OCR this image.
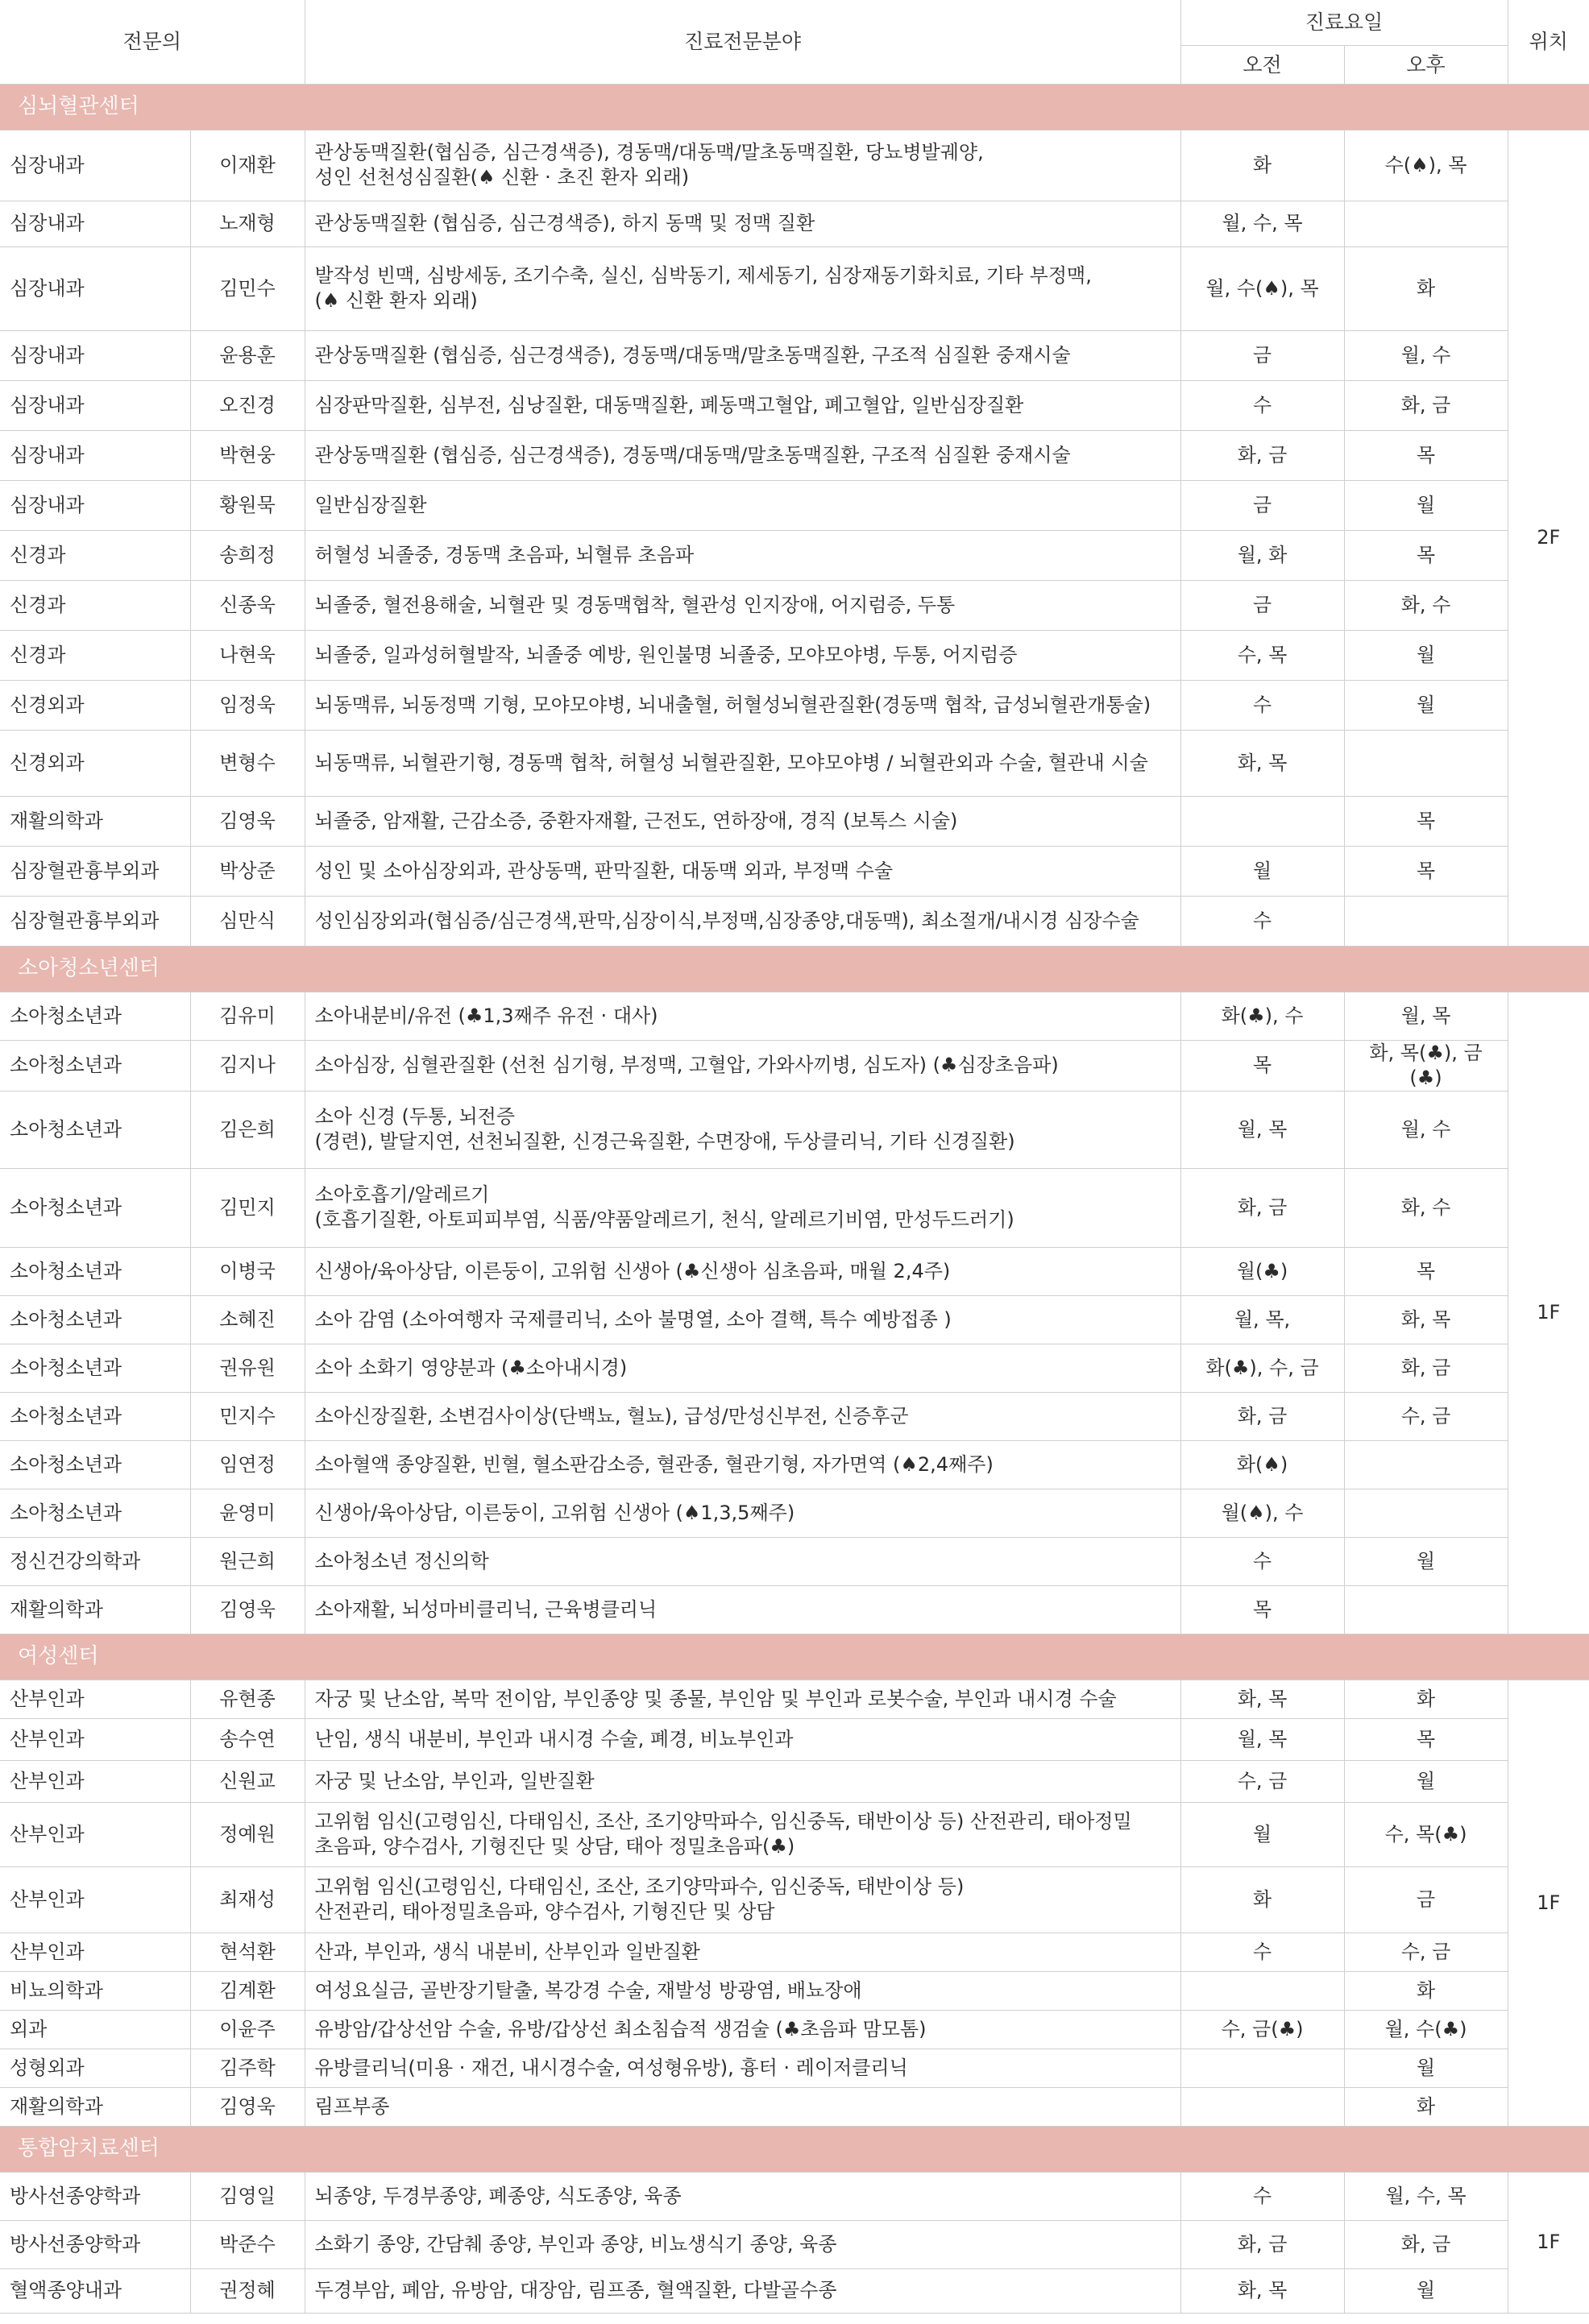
전문의		진료전문분야	진료요일		위치
			오전	오후	
심뇌혈관센터					
심장내과	이재환	관상동맥질환(협심증, 심근경색증), 경동맥/대동맥/말초동맥질환, 당뇨병발궤양,
성인 선천성심질환(♠ 신환 · 초진 환자 외래)	화	수(♠), 목	2F
심장내과	노재형	관상동맥질환 (협심증, 심근경색증), 하지 동맥 및 정맥 질환	월, 수, 목		
심장내과	김민수	발작성 빈맥, 심방세동, 조기수축, 실신, 심박동기, 제세동기, 심장재동기화치료, 기타 부정맥,
(♠ 신환 환자 외래)	월, 수(♠), 목	화	
심장내과	윤용훈	관상동맥질환 (협심증, 심근경색증), 경동맥/대동맥/말초동맥질환, 구조적 심질환 중재시술	금	월, 수	
심장내과	오진경	심장판막질환, 심부전, 심낭질환, 대동맥질환, 폐동맥고혈압, 폐고혈압, 일반심장질환	수	화, 금	
심장내과	박현웅	관상동맥질환 (협심증, 심근경색증), 경동맥/대동맥/말초동맥질환, 구조적 심질환 중재시술	화, 금	목	
심장내과	황원묵	일반심장질환	금	월	
신경과	송희정	허혈성 뇌졸중, 경동맥 초음파, 뇌혈류 초음파	월, 화	목	
신경과	신종욱	뇌졸중, 혈전용해술, 뇌혈관 및 경동맥협착, 혈관성 인지장애, 어지럼증, 두통	금	화, 수	
신경과	나현욱	뇌졸중, 일과성허혈발작, 뇌졸중 예방, 원인불명 뇌졸중, 모야모야병, 두통, 어지럼증	수, 목	월	
신경외과	임정욱	뇌동맥류, 뇌동정맥 기형, 모야모야병, 뇌내출혈, 허혈성뇌혈관질환(경동맥 협착, 급성뇌혈관개통술)	수	월	
신경외과	변형수	뇌동맥류, 뇌혈관기형, 경동맥 협착, 허혈성 뇌혈관질환, 모야모야병 / 뇌혈관외과 수술, 혈관내 시술	화, 목		
재활의학과	김영욱	뇌졸중, 암재활, 근감소증, 중환자재활, 근전도, 연하장애, 경직 (보톡스 시술)		목	
심장혈관흉부외과	박상준	성인 및 소아심장외과, 관상동맥, 판막질환, 대동맥 외과, 부정맥 수술	월	목	
심장혈관흉부외과	심만식	성인심장외과(협심증/심근경색,판막,심장이식,부정맥,심장종양,대동맥), 최소절개/내시경 심장수술	수		
소아청소년센터					
소아청소년과	김유미	소아내분비/유전 (♣1,3째주 유전 · 대사)	화(♣), 수	월, 목	1F
소아청소년과	김지나	소아심장, 심혈관질환 (선천 심기형, 부정맥, 고혈압, 가와사끼병, 심도자) (♣심장초음파)	목	화, 목(♣), 금(♣)	
소아청소년과	김은희	소아 신경 (두통, 뇌전증
(경련), 발달지연, 선천뇌질환, 신경근육질환, 수면장애, 두상클리닉, 기타 신경질환)	월, 목	월, 수	
소아청소년과	김민지	소아호흡기/알레르기
(호흡기질환, 아토피피부염, 식품/약품알레르기, 천식, 알레르기비염, 만성두드러기)	화, 금	화, 수	
소아청소년과	이병국	신생아/육아상담, 이른둥이, 고위험 신생아 (♣신생아 심초음파, 매월 2,4주)	월(♣)	목	
소아청소년과	소혜진	소아 감염 (소아여행자 국제클리닉, 소아 불명열, 소아 결핵, 특수 예방접종 )	월, 목,	화, 목	
소아청소년과	권유원	소아 소화기 영양분과 (♣소아내시경)	화(♣), 수, 금	화, 금	
소아청소년과	민지수	소아신장질환, 소변검사이상(단백뇨, 혈뇨), 급성/만성신부전, 신증후군	화, 금	수, 금	
소아청소년과	임연정	소아혈액 종양질환, 빈혈, 혈소판감소증, 혈관종, 혈관기형, 자가면역 (♠2,4째주)	화(♠)		
소아청소년과	윤영미	신생아/육아상담, 이른둥이, 고위험 신생아 (♠1,3,5째주)	월(♠), 수		
정신건강의학과	원근희	소아청소년 정신의학	수	월	
재활의학과	김영욱	소아재활, 뇌성마비클리닉, 근육병클리닉	목		
여성센터					
산부인과	유현종	자궁 및 난소암, 복막 전이암, 부인종양 및 종물, 부인암 및 부인과 로봇수술, 부인과 내시경 수술	화, 목	화	1F
산부인과	송수연	난임, 생식 내분비, 부인과 내시경 수술, 폐경, 비뇨부인과	월, 목	목	
산부인과	신원교	자궁 및 난소암, 부인과, 일반질환	수, 금	월	
산부인과	정예원	고위험 임신(고령임신, 다태임신, 조산, 조기양막파수, 임신중독, 태반이상 등) 산전관리, 태아정밀
초음파, 양수검사, 기형진단 및 상담, 태아 정밀초음파(♣)	월	수, 목(♣)	
산부인과	최재성	고위험 임신(고령임신, 다태임신, 조산, 조기양막파수, 임신중독, 태반이상 등)
산전관리, 태아정밀초음파, 양수검사, 기형진단 및 상담	화	금	
산부인과	현석환	산과, 부인과, 생식 내분비, 산부인과 일반질환	수	수, 금	
비뇨의학과	김계환	여성요실금, 골반장기탈출, 복강경 수술, 재발성 방광염, 배뇨장애		화	
외과	이윤주	유방암/갑상선암 수술, 유방/갑상선 최소침습적 생검술 (♣초음파 맘모톰)	수, 금(♣)	월, 수(♣)	
성형외과	김주학	유방클리닉(미용 · 재건, 내시경수술, 여성형유방), 흉터 · 레이저클리닉		월	
재활의학과	김영욱	림프부종		화	
통합암치료센터					
방사선종양학과	김영일	뇌종양, 두경부종양, 폐종양, 식도종양, 육종	수	월, 수, 목	1F
방사선종양학과	박준수	소화기 종양, 간담췌 종양, 부인과 종양, 비뇨생식기 종양, 육종	화, 금	화, 금	
혈액종양내과	권정혜	두경부암, 폐암, 유방암, 대장암, 림프종, 혈액질환, 다발골수종	화, 목	월	
